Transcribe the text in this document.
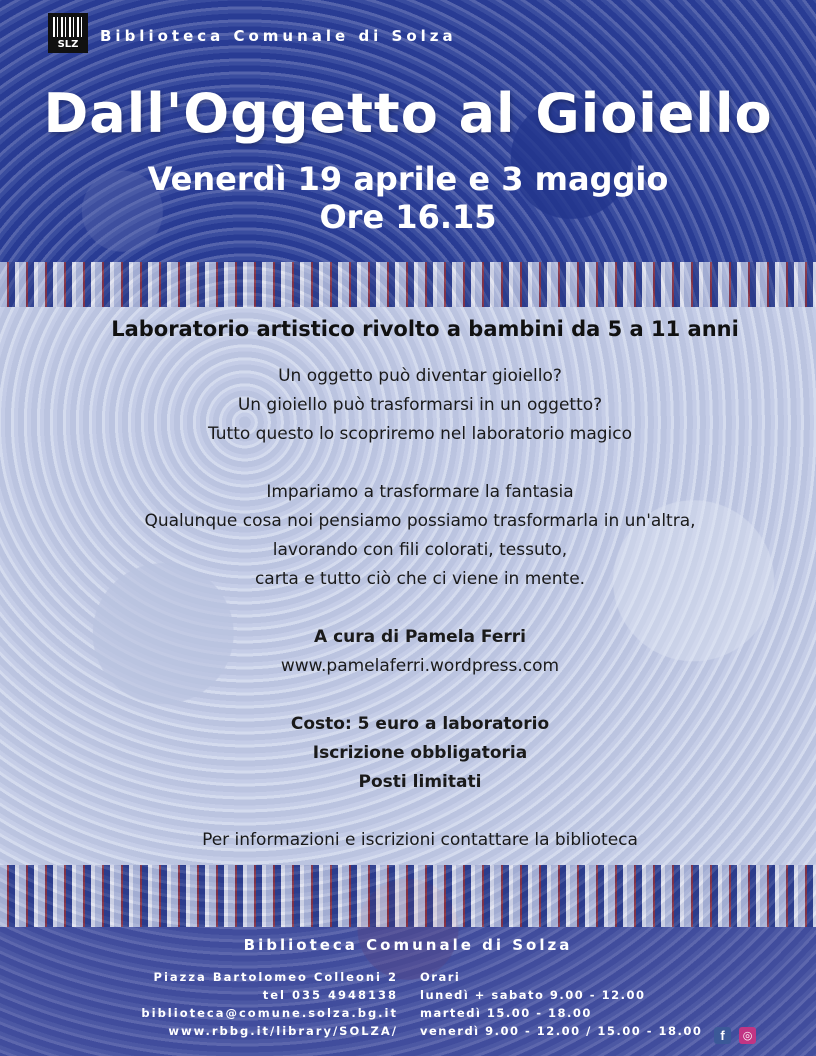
SLZ	Biblioteca Comunale di Solza
Dall'Oggetto al Gioiello
Venerdì 19 aprile e 3 maggio
Ore 16.15
Laboratorio artistico rivolto a bambini da 5 a 11 anni
Un oggetto può diventar gioiello?
Un gioiello può trasformarsi in un oggetto?
Tutto questo lo scopriremo nel laboratorio magico
Impariamo a trasformare la fantasia
Qualunque cosa noi pensiamo possiamo trasformarla in un'altra,
lavorando con fili colorati, tessuto,
carta e tutto ciò che ci viene in mente.
A cura di Pamela Ferri
www.pamelaferri.wordpress.com
Costo: 5 euro a laboratorio
Iscrizione obbligatoria
Posti limitati
Per informazioni e iscrizioni contattare la biblioteca
Biblioteca Comunale di Solza
Piazza Bartolomeo Colleoni 2
tel 035 4948138
biblioteca@comune.solza.bg.it
www.rbbg.it/library/SOLZA/
Orari
lunedì + sabato 9.00 - 12.00
martedì 15.00 - 18.00
venerdì 9.00 - 12.00 / 15.00 - 18.00	f ◎
